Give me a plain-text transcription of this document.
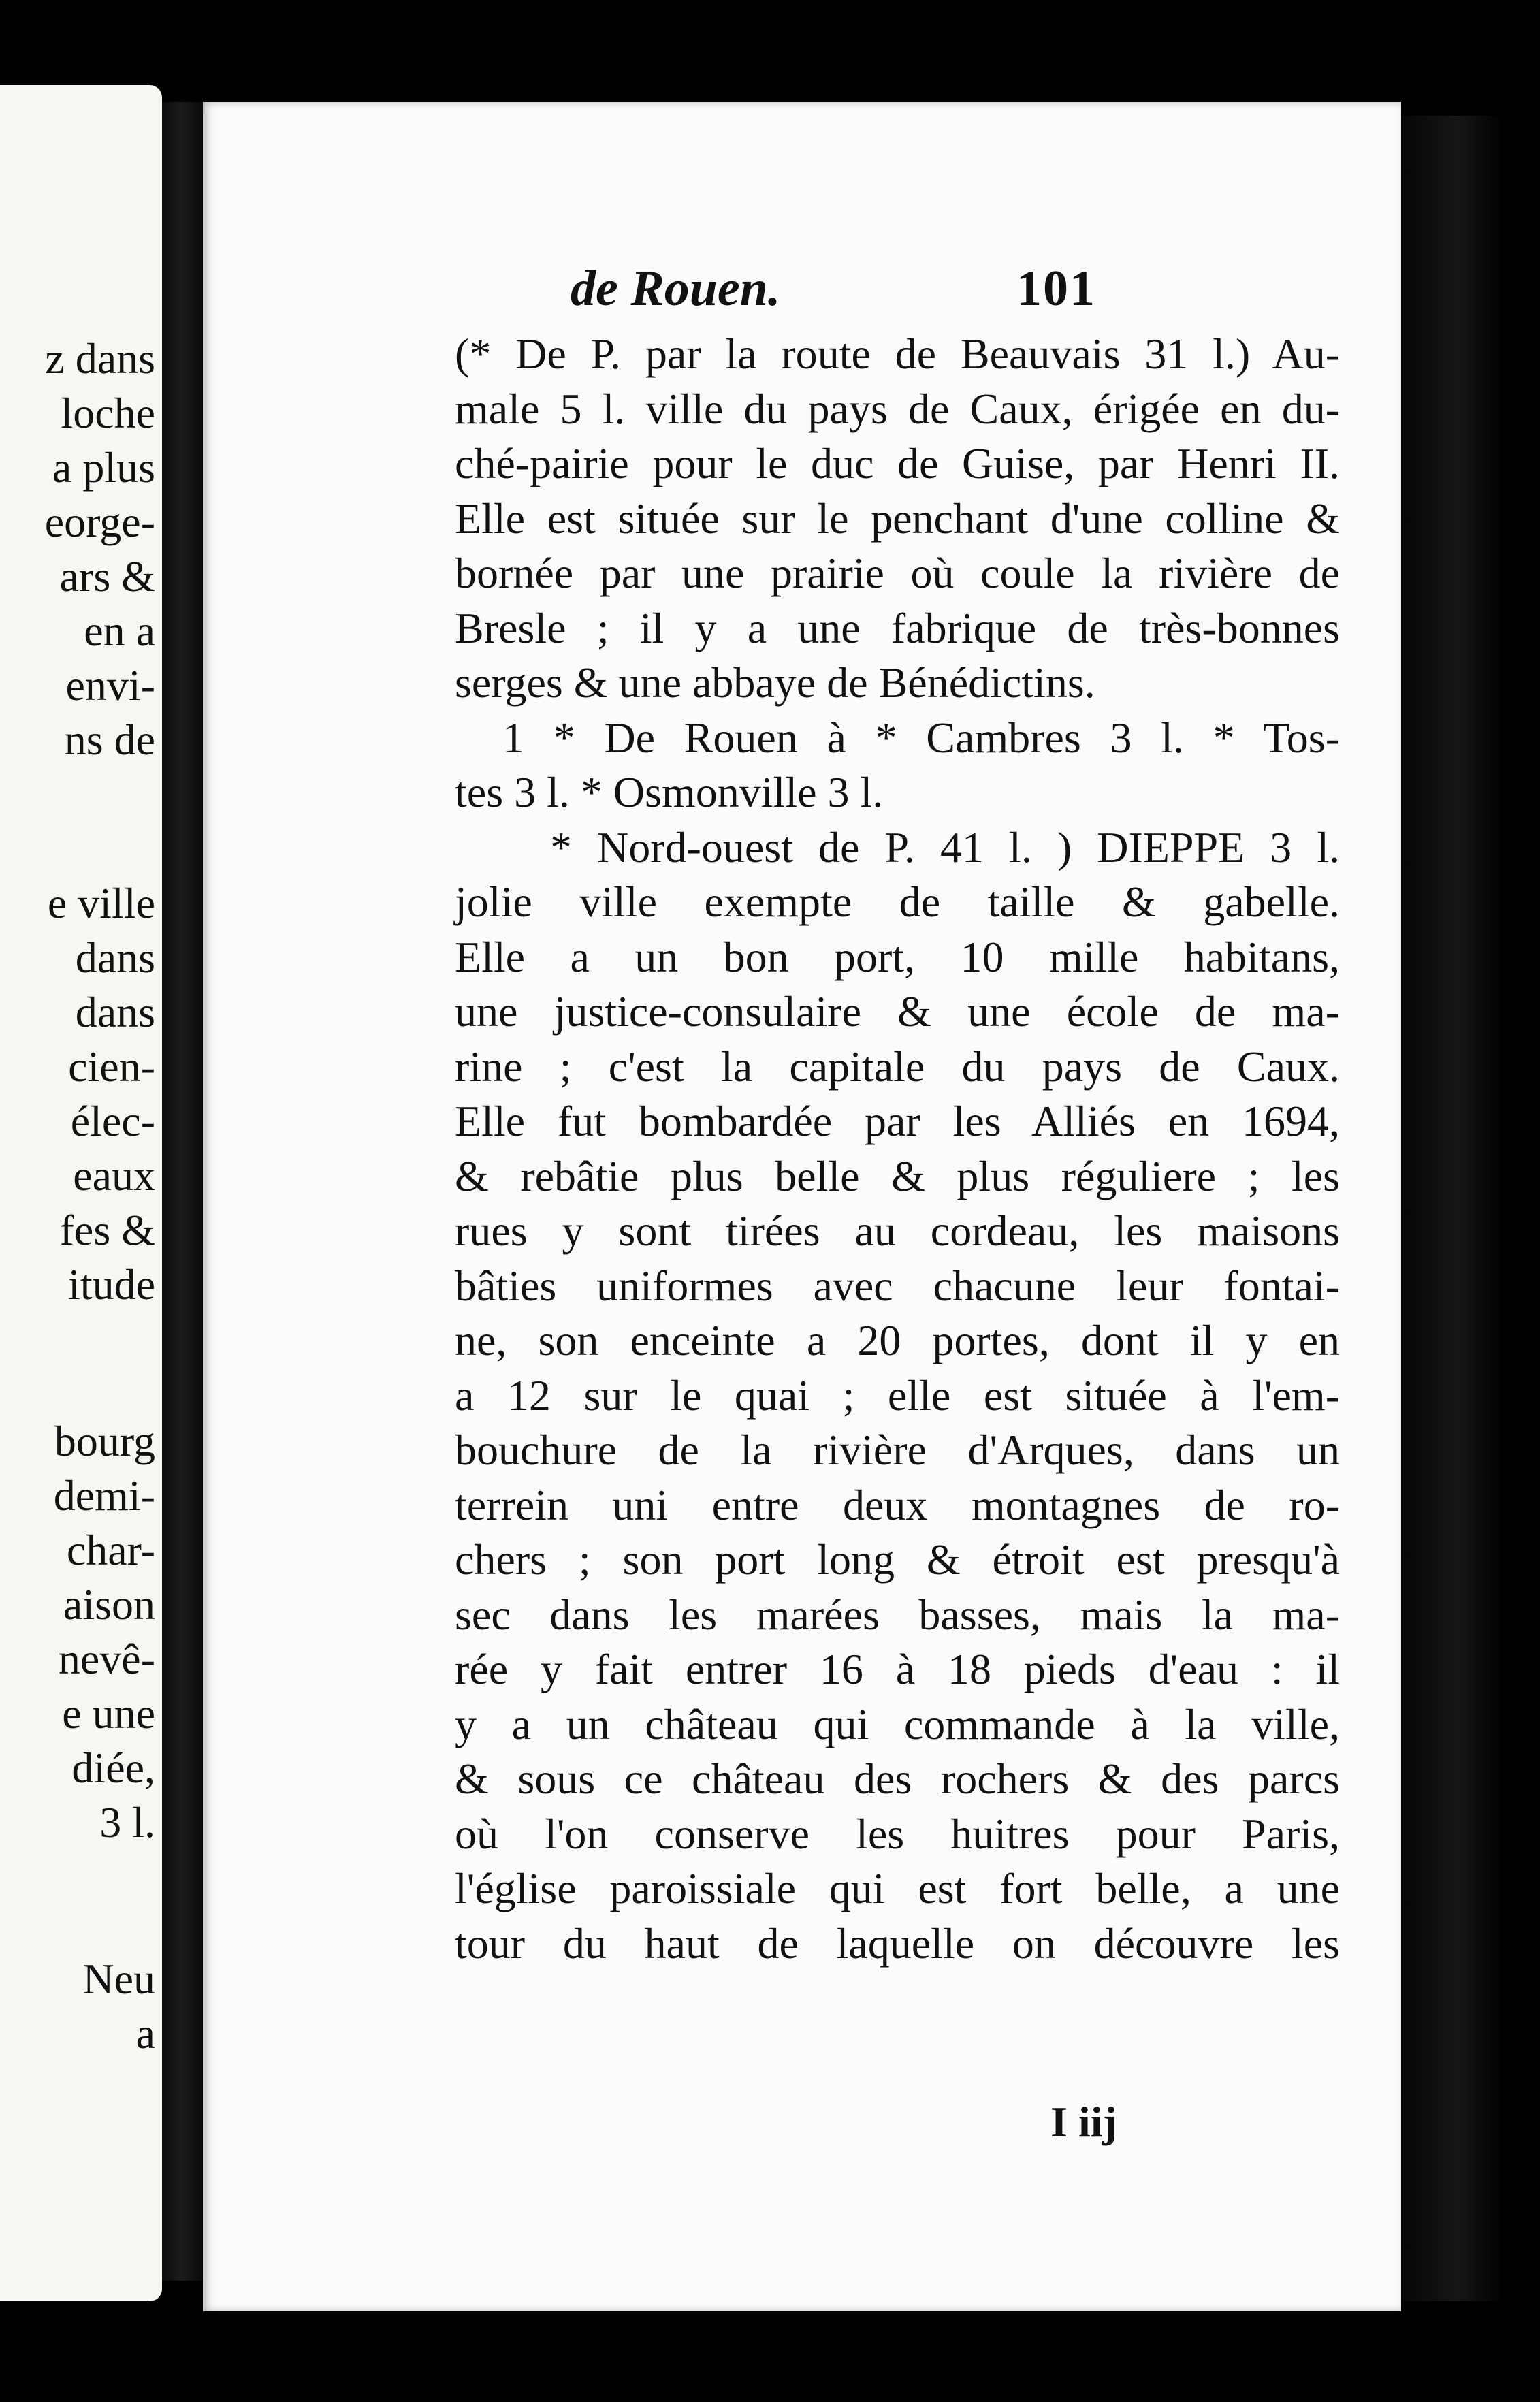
z dans
loche
a plus
eorge-
ars &
en a
envi-
ns de
e ville
dans
dans
cien-
élec-
eaux
fes &
itude
bourg
demi-
char-
aison
nevê-
e une
diée,
3 l.
Neu
a
de Rouen.	101
(* De P. par la route de Beauvais 31 l.) Au-
male 5 l. ville du pays de Caux, érigée en du-
ché-pairie pour le duc de Guise, par Henri II.
Elle est située sur le penchant d'une colline &
bornée par une prairie où coule la rivière de
Bresle ; il y a une fabrique de très-bonnes
serges & une abbaye de Bénédictins.
1 * De Rouen à * Cambres 3 l. * Tos-
tes 3 l. * Osmonville 3 l.
* Nord-ouest de P. 41 l. ) DIEPPE 3 l.
jolie ville exempte de taille & gabelle.
Elle a un bon port, 10 mille habitans,
une justice-consulaire & une école de ma-
rine ; c'est la capitale du pays de Caux.
Elle fut bombardée par les Alliés en 1694,
& rebâtie plus belle & plus réguliere ; les
rues y sont tirées au cordeau, les maisons
bâties uniformes avec chacune leur fontai-
ne, son enceinte a 20 portes, dont il y en
a 12 sur le quai ; elle est située à l'em-
bouchure de la rivière d'Arques, dans un
terrein uni entre deux montagnes de ro-
chers ; son port long & étroit est presqu'à
sec dans les marées basses, mais la ma-
rée y fait entrer 16 à 18 pieds d'eau : il
y a un château qui commande à la ville,
& sous ce château des rochers & des parcs
où l'on conserve les huitres pour Paris,
l'église paroissiale qui est fort belle, a une
tour du haut de laquelle on découvre les
I iij
